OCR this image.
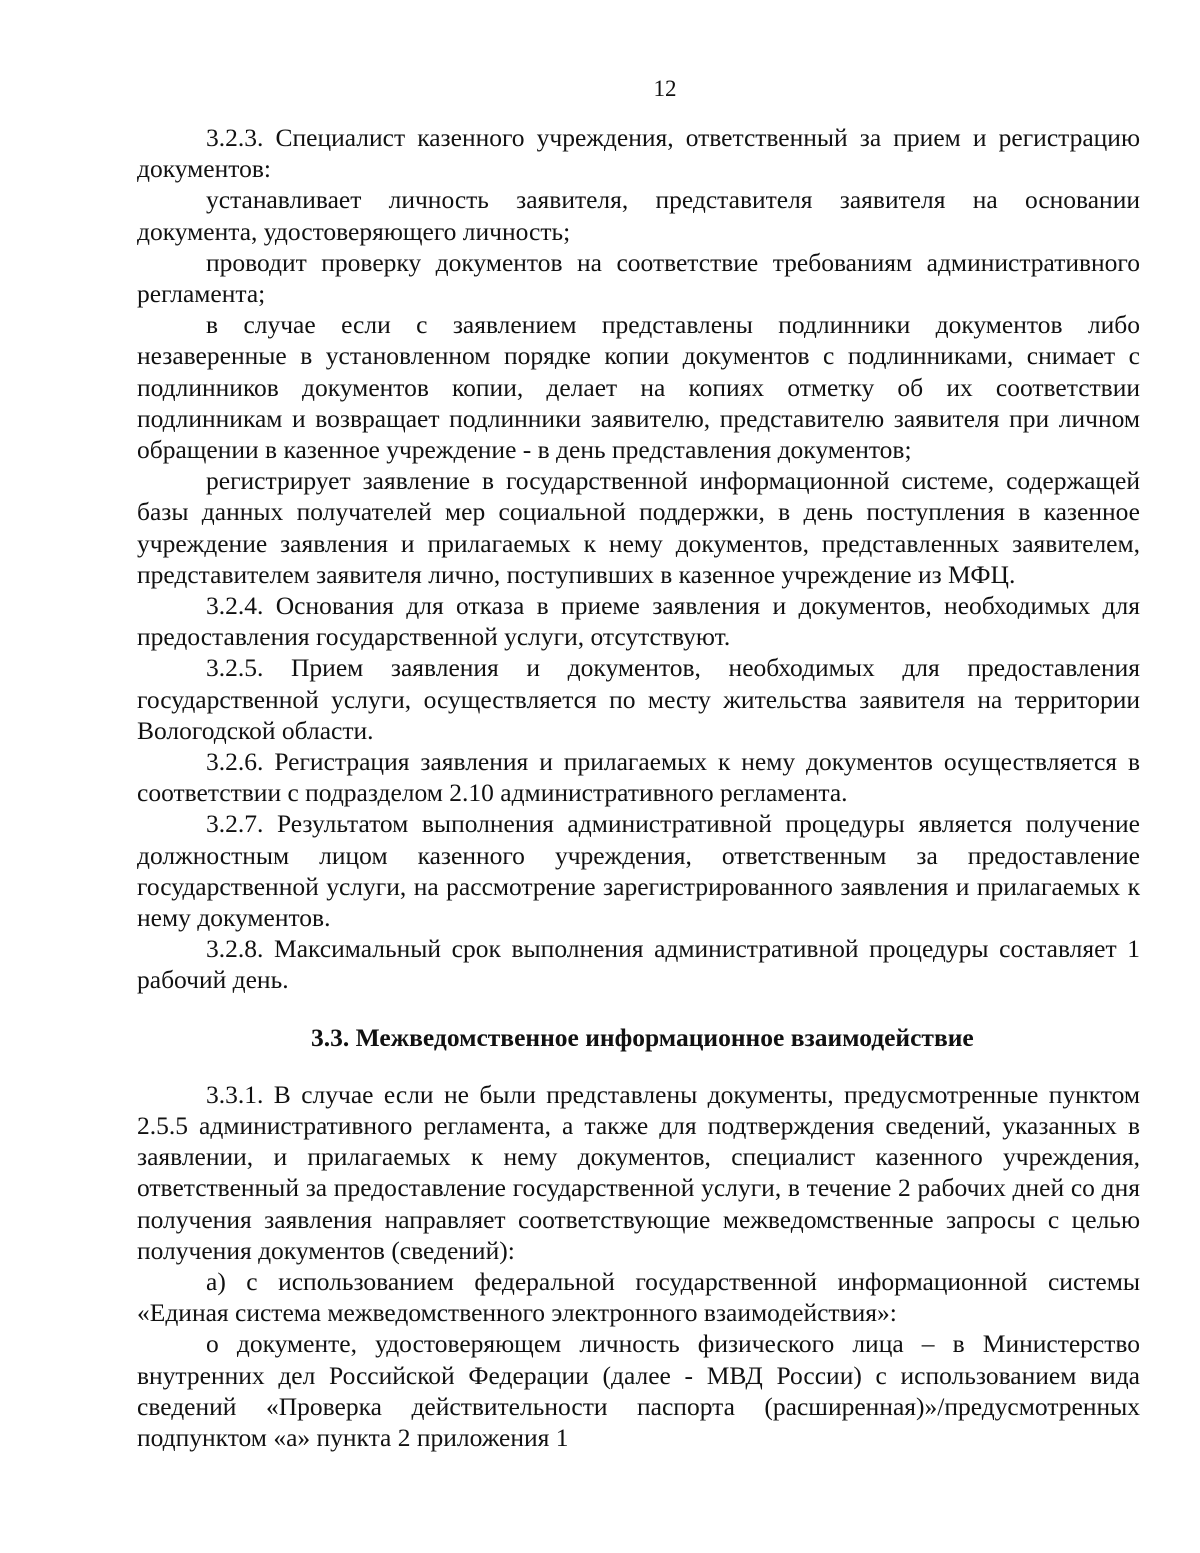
12

3.2.3. Специалист казенного учреждения, ответственный за прием и регистрацию документов:

устанавливает личность заявителя, представителя заявителя на основании документа, удостоверяющего личность;

проводит проверку документов на соответствие требованиям административного регламента;

в случае если с заявлением представлены подлинники документов либо незаверенные в установленном порядке копии документов с подлинниками, снимает с подлинников документов копии, делает на копиях отметку об их соответствии подлинникам и возвращает подлинники заявителю, представителю заявителя при личном обращении в казенное учреждение - в день представления документов;

регистрирует заявление в государственной информационной системе, содержащей базы данных получателей мер социальной поддержки, в день поступления в казенное учреждение заявления и прилагаемых к нему документов, представленных заявителем, представителем заявителя лично, поступивших в казенное учреждение из МФЦ.

3.2.4. Основания для отказа в приеме заявления и документов, необходимых для предоставления государственной услуги, отсутствуют.

3.2.5. Прием заявления и документов, необходимых для предоставления государственной услуги, осуществляется по месту жительства заявителя на территории Вологодской области.

3.2.6. Регистрация заявления и прилагаемых к нему документов осуществляется в соответствии с подразделом 2.10 административного регламента.

3.2.7. Результатом выполнения административной процедуры является получение должностным лицом казенного учреждения, ответственным за предоставление государственной услуги, на рассмотрение зарегистрированного заявления и прилагаемых к нему документов.

3.2.8. Максимальный срок выполнения административной процедуры составляет 1 рабочий день.

3.3. Межведомственное информационное взаимодействие

3.3.1. В случае если не были представлены документы, предусмотренные пунктом 2.5.5 административного регламента, а также для подтверждения сведений, указанных в заявлении, и прилагаемых к нему документов, специалист казенного учреждения, ответственный за предоставление государственной услуги, в течение 2 рабочих дней со дня получения заявления направляет соответствующие межведомственные запросы с целью получения документов (сведений):

а) с использованием федеральной государственной информационной системы «Единая система межведомственного электронного взаимодействия»:

о документе, удостоверяющем личность физического лица – в Министерство внутренних дел Российской Федерации (далее - МВД России) с использованием вида сведений «Проверка действительности паспорта (расширенная)»/предусмотренных подпунктом «а» пункта 2 приложения 1
